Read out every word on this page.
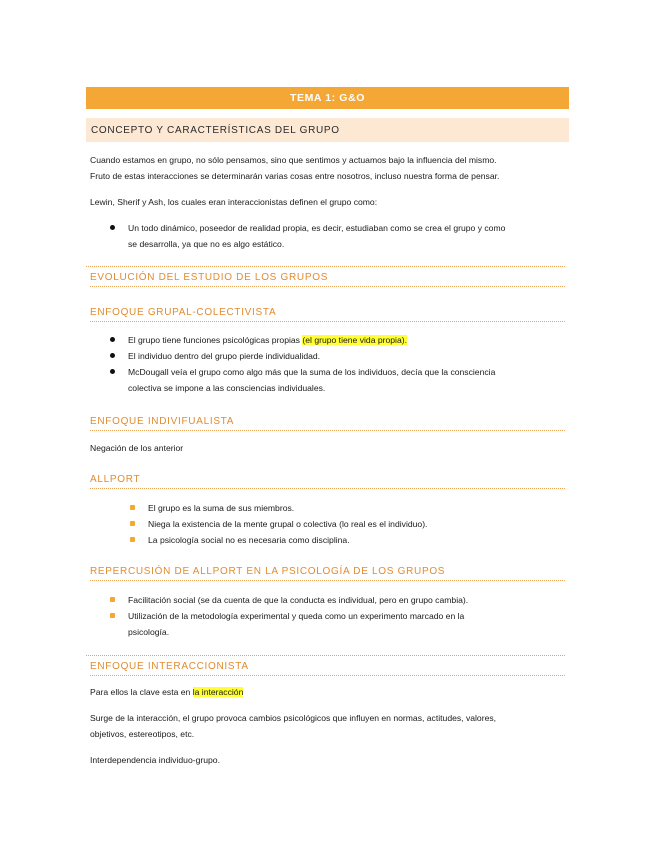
TEMA 1: G&O
CONCEPTO Y CARACTERÍSTICAS DEL GRUPO
Cuando estamos en grupo, no sólo pensamos, sino que sentimos y actuamos bajo la influencia del mismo.
Fruto de estas interacciones se determinarán varias cosas entre nosotros, incluso nuestra forma de pensar.
Lewin, Sherif y Ash, los cuales eran interaccionistas definen el grupo como:
Un todo dinámico, poseedor de realidad propia, es decir, estudiaban como se crea el grupo y como
se desarrolla, ya que no es algo estático.
EVOLUCIÓN DEL ESTUDIO DE LOS GRUPOS
ENFOQUE GRUPAL-COLECTIVISTA
El grupo tiene funciones psicológicas propias (el grupo tiene vida propia).
El individuo dentro del grupo pierde individualidad.
McDougall veía el grupo como algo más que la suma de los individuos, decía que la consciencia
colectiva se impone a las consciencias individuales.
ENFOQUE INDIVIFUALISTA
Negación de los anterior
ALLPORT
El grupo es la suma de sus miembros.
Niega la existencia de la mente grupal o colectiva (lo real es el individuo).
La psicología social no es necesaria como disciplina.
REPERCUSIÓN DE ALLPORT EN LA PSICOLOGÍA DE LOS GRUPOS
Facilitación social (se da cuenta de que la conducta es individual, pero en grupo cambia).
Utilización de la metodología experimental y queda como un experimento marcado en la
psicología.
ENFOQUE INTERACCIONISTA
Para ellos la clave esta en la interacción
Surge de la interacción, el grupo provoca cambios psicológicos que influyen en normas, actitudes, valores,
objetivos, estereotipos, etc.
Interdependencia individuo-grupo.
